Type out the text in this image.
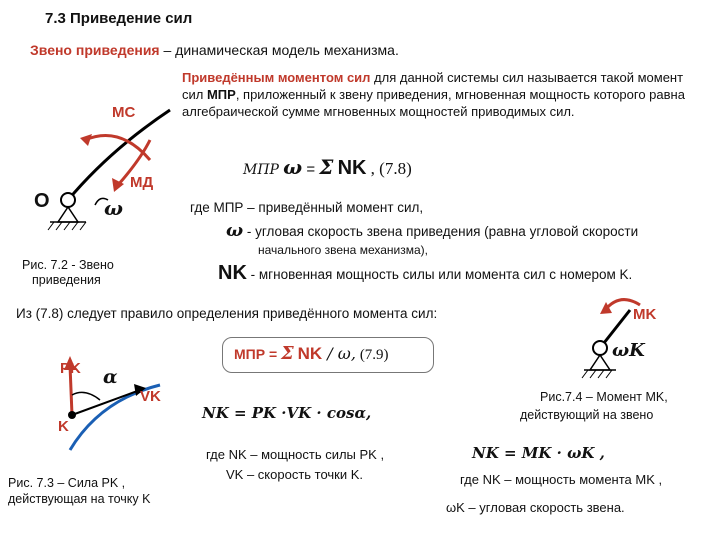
7.3 Приведение сил
Звено приведения – динамическая модель механизма.
Приведённым моментом сил для данной системы сил называется такой момент сил MПР, приложенный к звену приведения, мгновенная мощность которого равна алгебраической сумме мгновенных мощностей приводимых сил.
MC
MД
O	ω
Рис. 7.2 - Звено
приведения
MПР ω = Σ NK , (7.8)
где MПР – приведённый момент сил,
ω - угловая скорость звена приведения (равна угловой скорости
начального звена механизма),
NK - мгновенная мощность силы или момента сил с номером K.
Из (7.8) следует правило определения приведённого момента сил:	MK
ωK
MПР = Σ NK / ω, (7.9)
PK α
VK
K
Рис. 7.3 – Сила PK ,
действующая на точку K
NK = PK ·VK · cosα,
где NK – мощность силы PK ,
VK – скорость точки K.
Рис.7.4 – Момент MK,
действующий на звено
NK = MK · ωK ,
где NK – мощность момента MK ,
ωK – угловая скорость звена.
